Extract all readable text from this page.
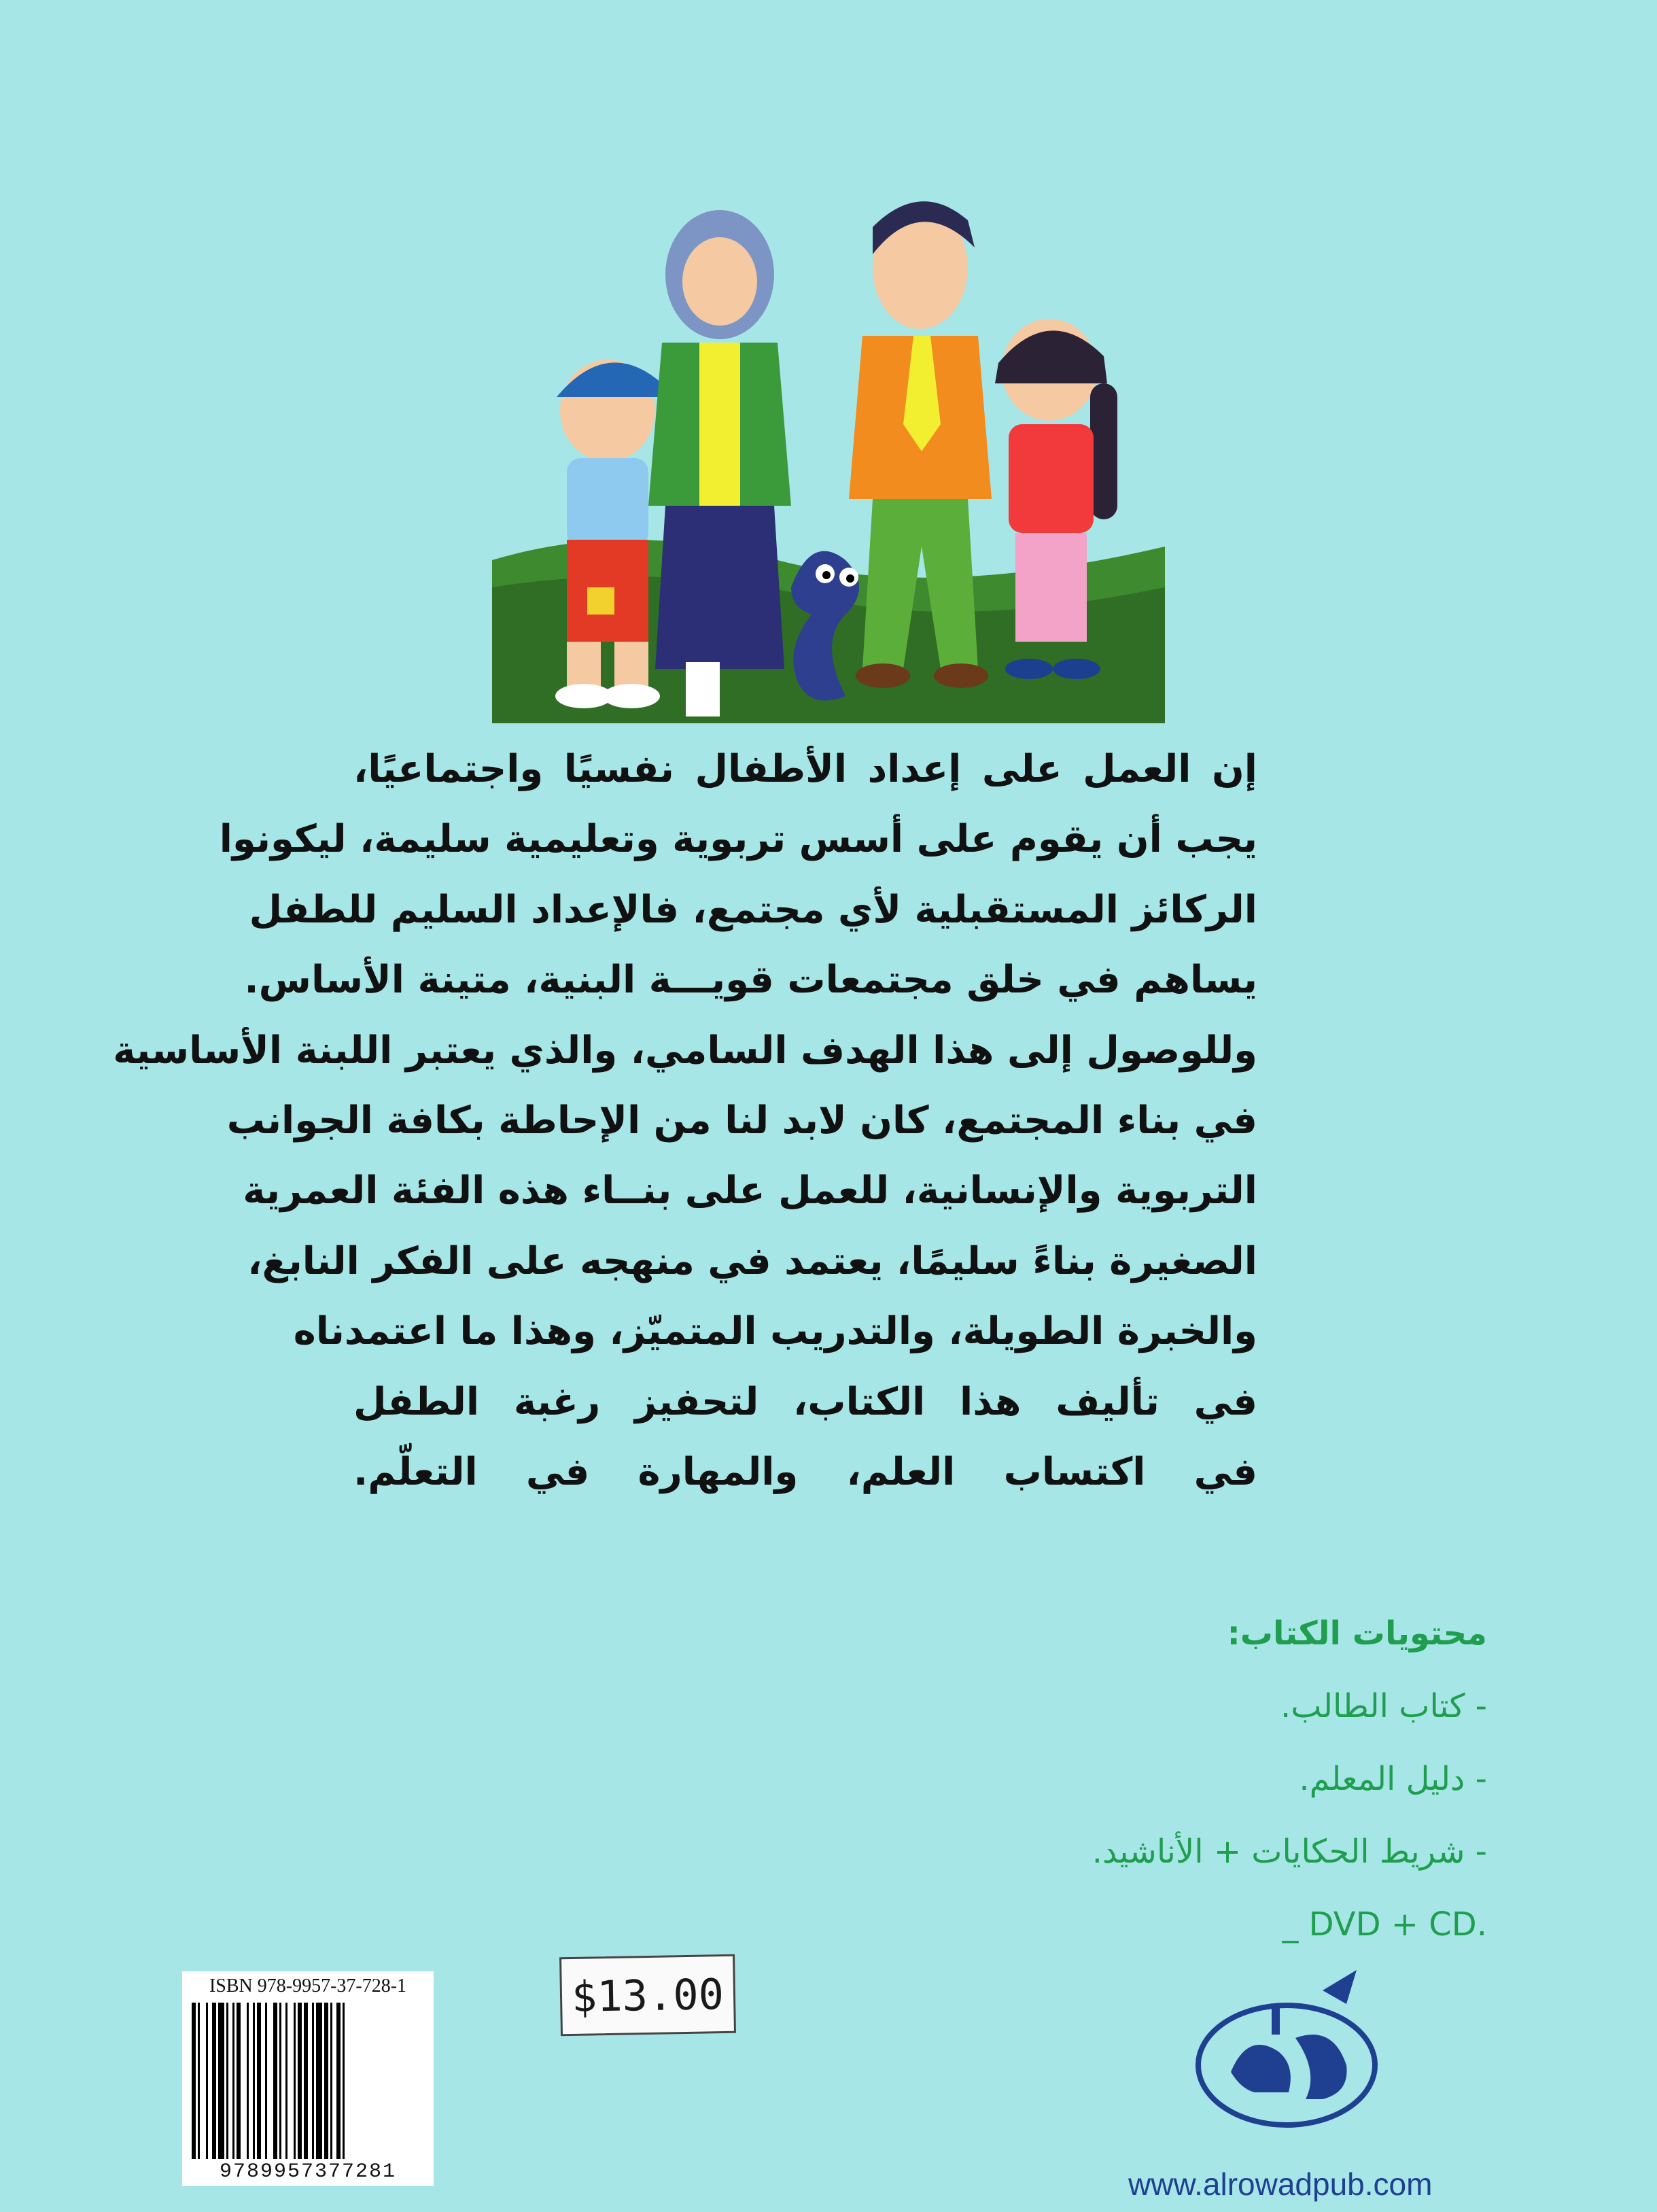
إن العمل على إعداد الأطفال نفسيًا واجتماعيًا،
يجب أن يقوم على أسس تربوية وتعليمية سليمة، ليكونوا
الركائز المستقبلية لأي مجتمع، فالإعداد السليم للطفل
يساهم في خلق مجتمعات قويـــة البنية، متينة الأساس.
وللوصول إلى هذا الهدف السامي، والذي يعتبر اللبنة الأساسية
في بناء المجتمع، كان لابد لنا من الإحاطة بكافة الجوانب
التربوية والإنسانية، للعمل على بنــاء هذه الفئة العمرية
الصغيرة بناءً سليمًا، يعتمد في منهجه على الفكر النابغ،
والخبرة الطويلة، والتدريب المتميّز، وهذا ما اعتمدناه
في تأليف هذا الكتاب، لتحفيز رغبة الطفل
في اكتساب العلم، والمهارة في التعلّم.
محتويات الكتاب:
- كتاب الطالب.
- دليل المعلم.
- شريط الحكايات + الأناشيد.
_ DVD + CD.
ISBN 978-9957-37-728-1
9789957377281
$13.00
www.alrowadpub.com
